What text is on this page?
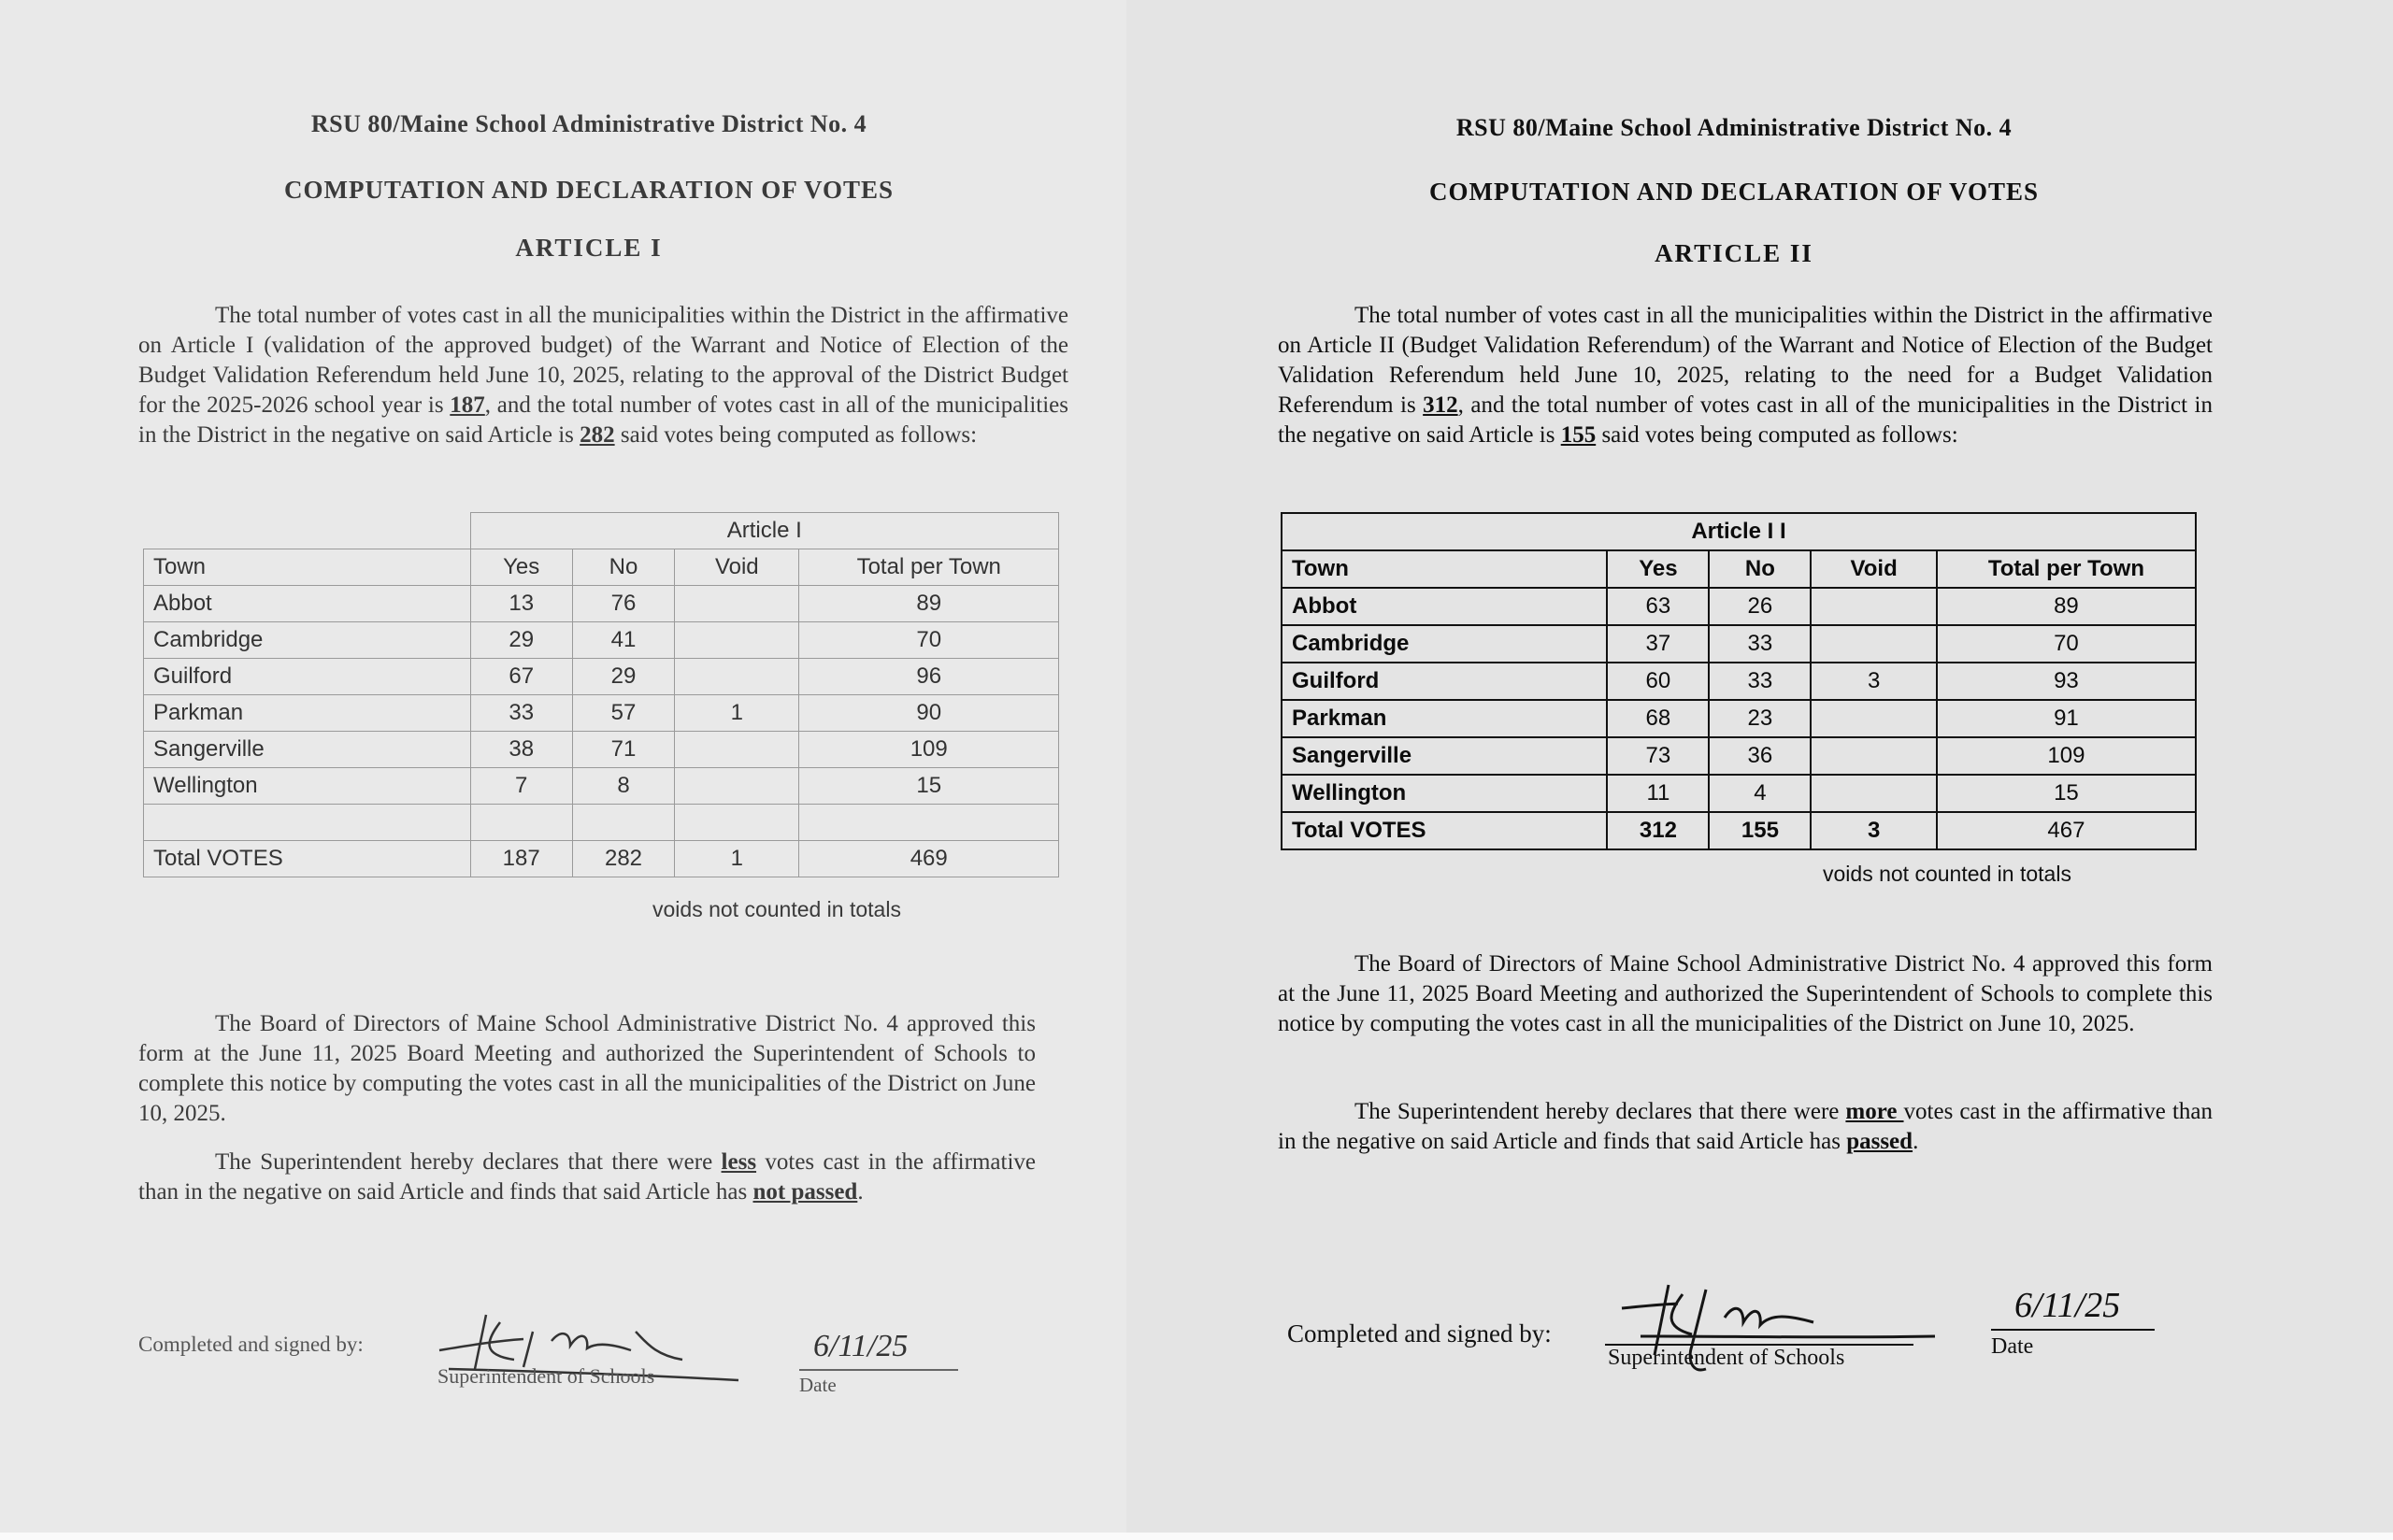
RSU 80/Maine School Administrative District No. 4
COMPUTATION AND DECLARATION OF VOTES
ARTICLE I
The total number of votes cast in all the municipalities within the District in the affirmative on Article I (validation of the approved budget) of the Warrant and Notice of Election of the Budget Validation Referendum held June 10, 2025, relating to the approval of the District Budget for the 2025-2026 school year is 187, and the total number of votes cast in all of the municipalities in the District in the negative on said Article is 282 said votes being computed as follows:
	Article I			
Town	Yes	No	Void	Total per Town
Abbot	13	76		89
Cambridge	29	41		70
Guilford	67	29		96
Parkman	33	57	1	90
Sangerville	38	71		109
Wellington	7	8		15

Total VOTES	187	282	1	469
voids not counted in totals
The Board of Directors of Maine School Administrative District No. 4 approved this form at the June 11, 2025 Board Meeting and authorized the Superintendent of Schools to complete this notice by computing the votes cast in all the municipalities of the District on June 10, 2025.
The Superintendent hereby declares that there were less votes cast in the affirmative than in the negative on said Article and finds that said Article has not passed.
Completed and signed by:
Superintendent of Schools
6/11/25
Date
RSU 80/Maine School Administrative District No. 4
COMPUTATION AND DECLARATION OF VOTES
ARTICLE II
The total number of votes cast in all the municipalities within the District in the affirmative on Article II (Budget Validation Referendum) of the Warrant and Notice of Election of the Budget Validation Referendum held June 10, 2025, relating to the need for a Budget Validation Referendum is 312, and the total number of votes cast in all of the municipalities in the District in the negative on said Article is 155 said votes being computed as follows:
Article I I				
Town	Yes	No	Void	Total per Town
Abbot	63	26		89
Cambridge	37	33		70
Guilford	60	33	3	93
Parkman	68	23		91
Sangerville	73	36		109
Wellington	11	4		15
Total VOTES	312	155	3	467
voids not counted in totals
The Board of Directors of Maine School Administrative District No. 4 approved this form at the June 11, 2025 Board Meeting and authorized the Superintendent of Schools to complete this notice by computing the votes cast in all the municipalities of the District on June 10, 2025.
The Superintendent hereby declares that there were more votes cast in the affirmative than in the negative on said Article and finds that said Article has passed.
Completed and signed by:
Superintendent of Schools
6/11/25
Date
